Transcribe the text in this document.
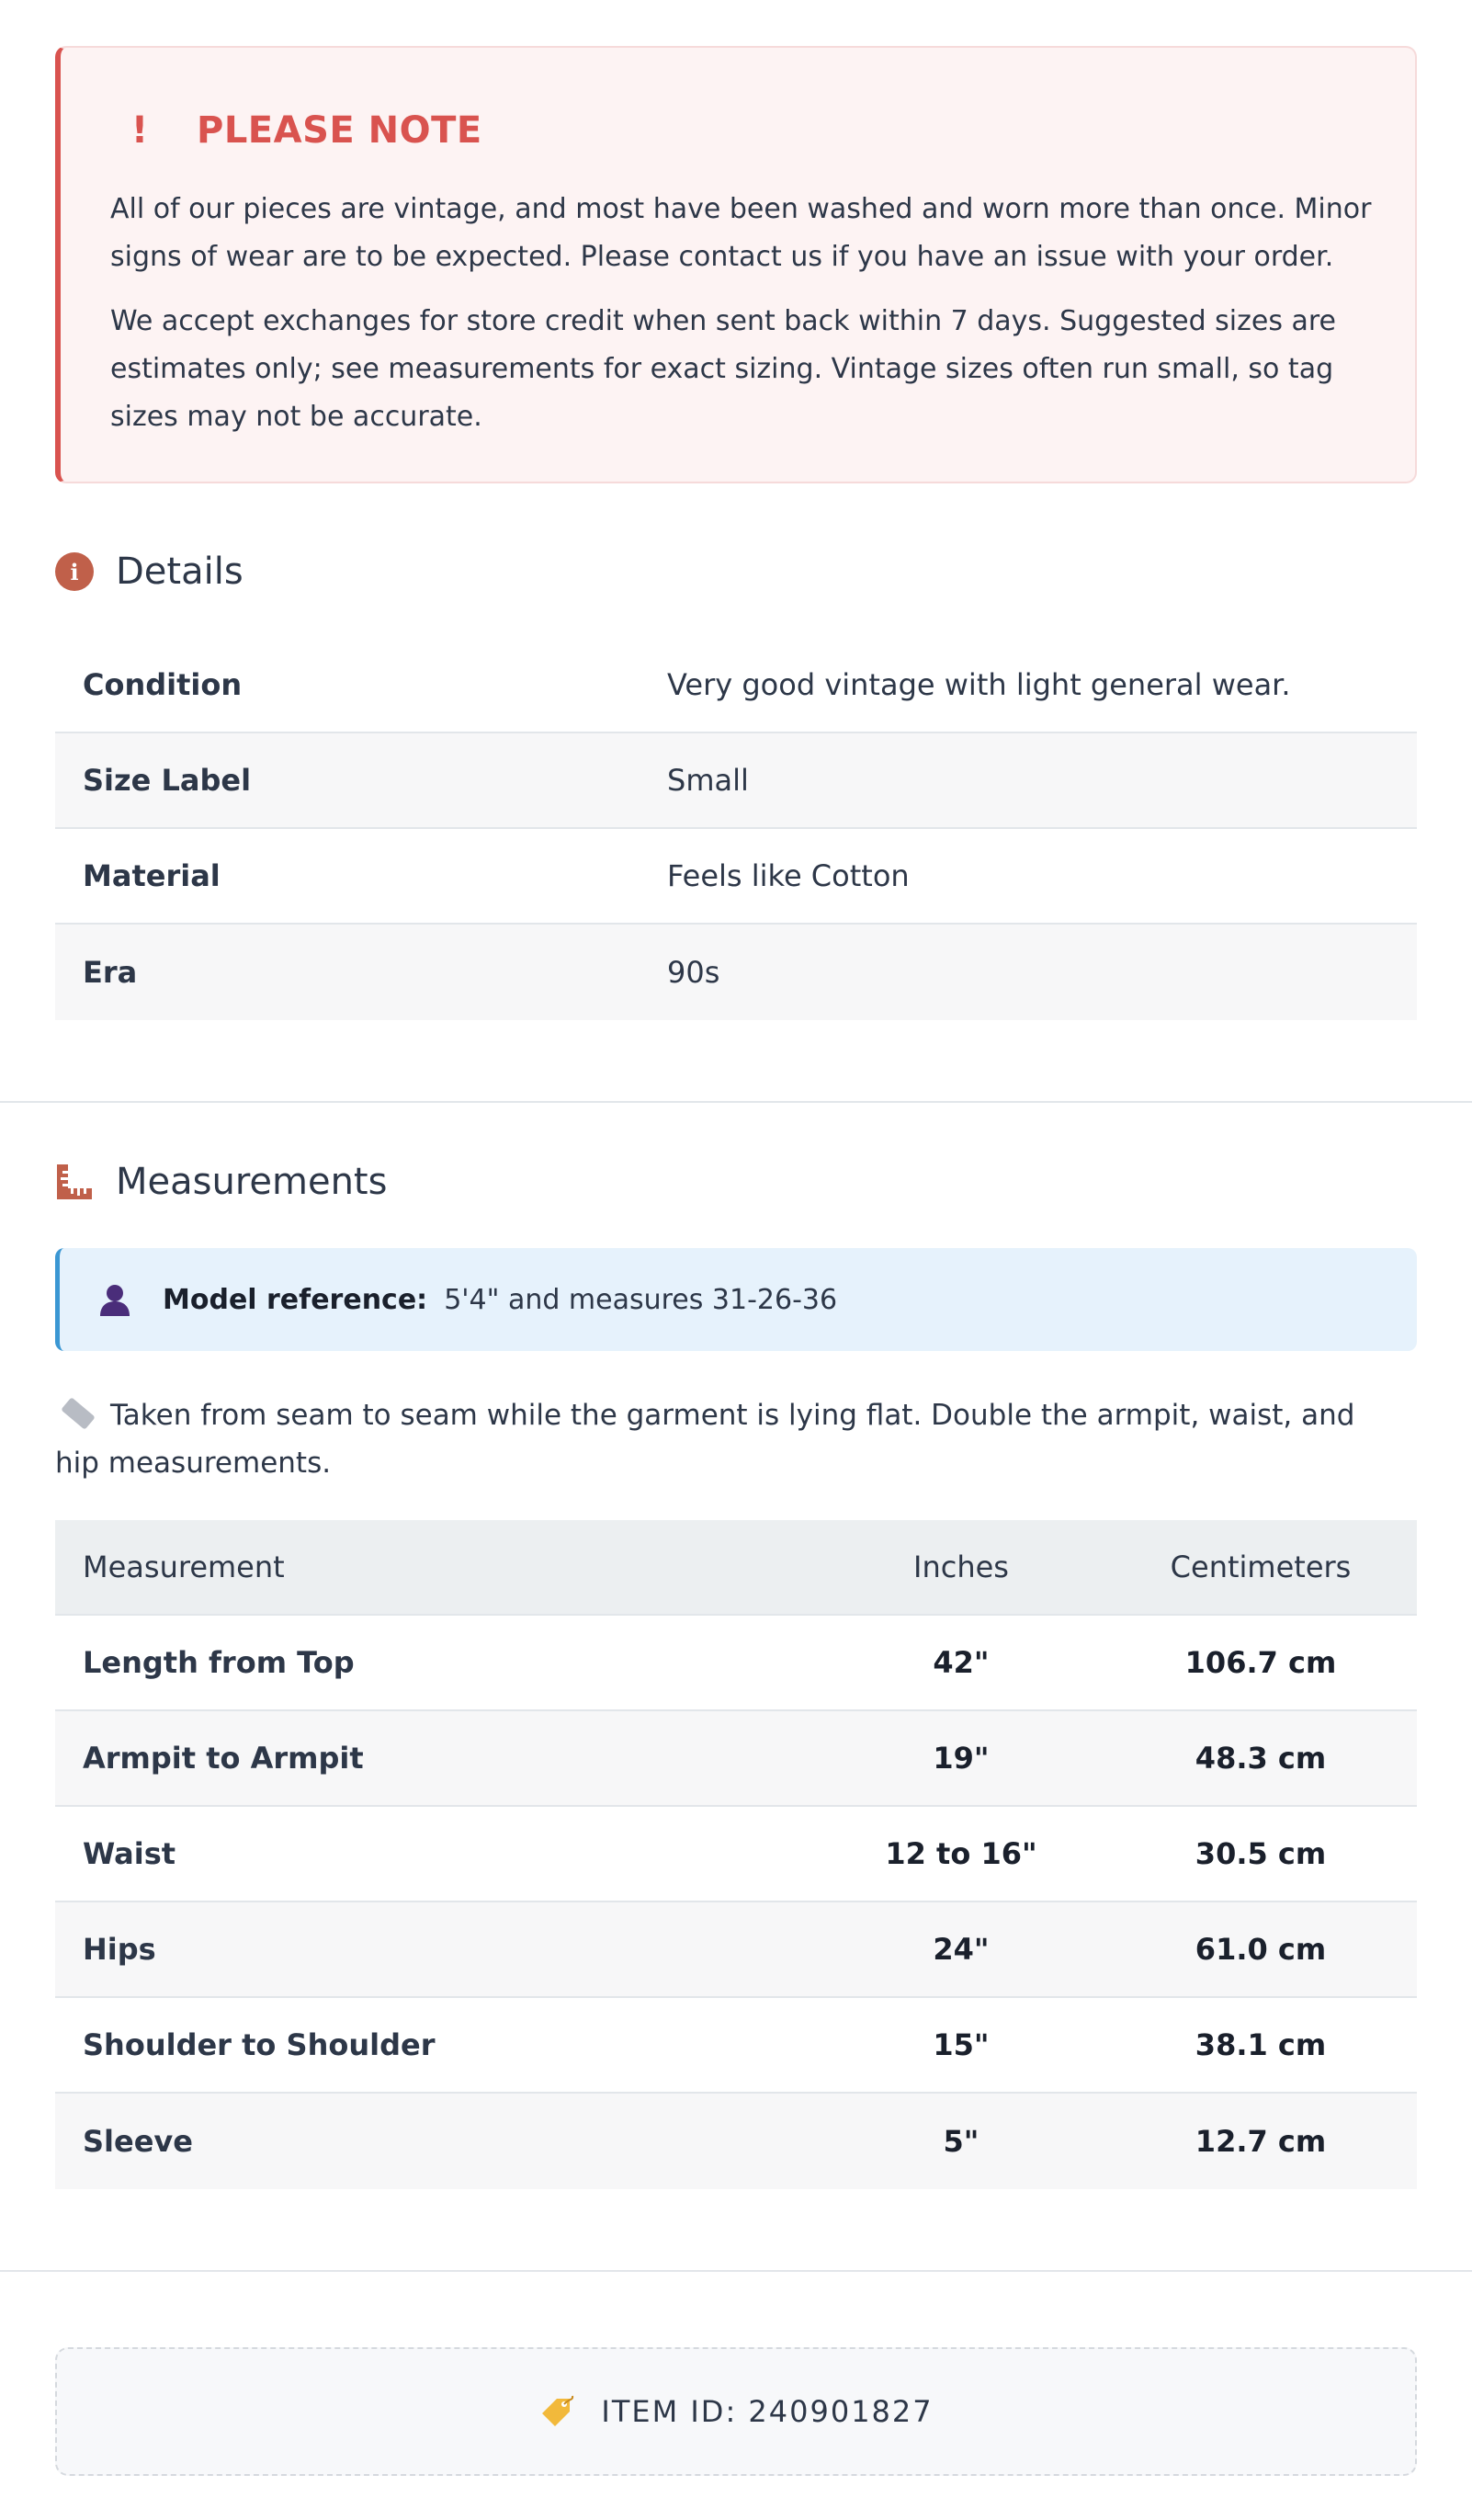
! PLEASE NOTE

All of our pieces are vintage, and most have been washed and worn more than once. Minor signs of wear are to be expected. Please contact us if you have an issue with your order.

We accept exchanges for store credit when sent back within 7 days. Suggested sizes are estimates only; see measurements for exact sizing. Vintage sizes often run small, so tag sizes may not be accurate.

i	Details
Condition	Very good vintage with light general wear.
Size Label	Small
Material	Feels like Cotton
Era	90s
Measurements
Model reference: 5'4" and measures 31-26-36

Taken from seam to seam while the garment is lying flat. Double the armpit, waist, and hip measurements.

Measurement	Inches	Centimeters
Length from Top	42"	106.7 cm
Armpit to Armpit	19"	48.3 cm
Waist	12 to 16"	30.5 cm
Hips	24"	61.0 cm
Shoulder to Shoulder	15"	38.1 cm
Sleeve	5"	12.7 cm
ITEM ID: 240901827
